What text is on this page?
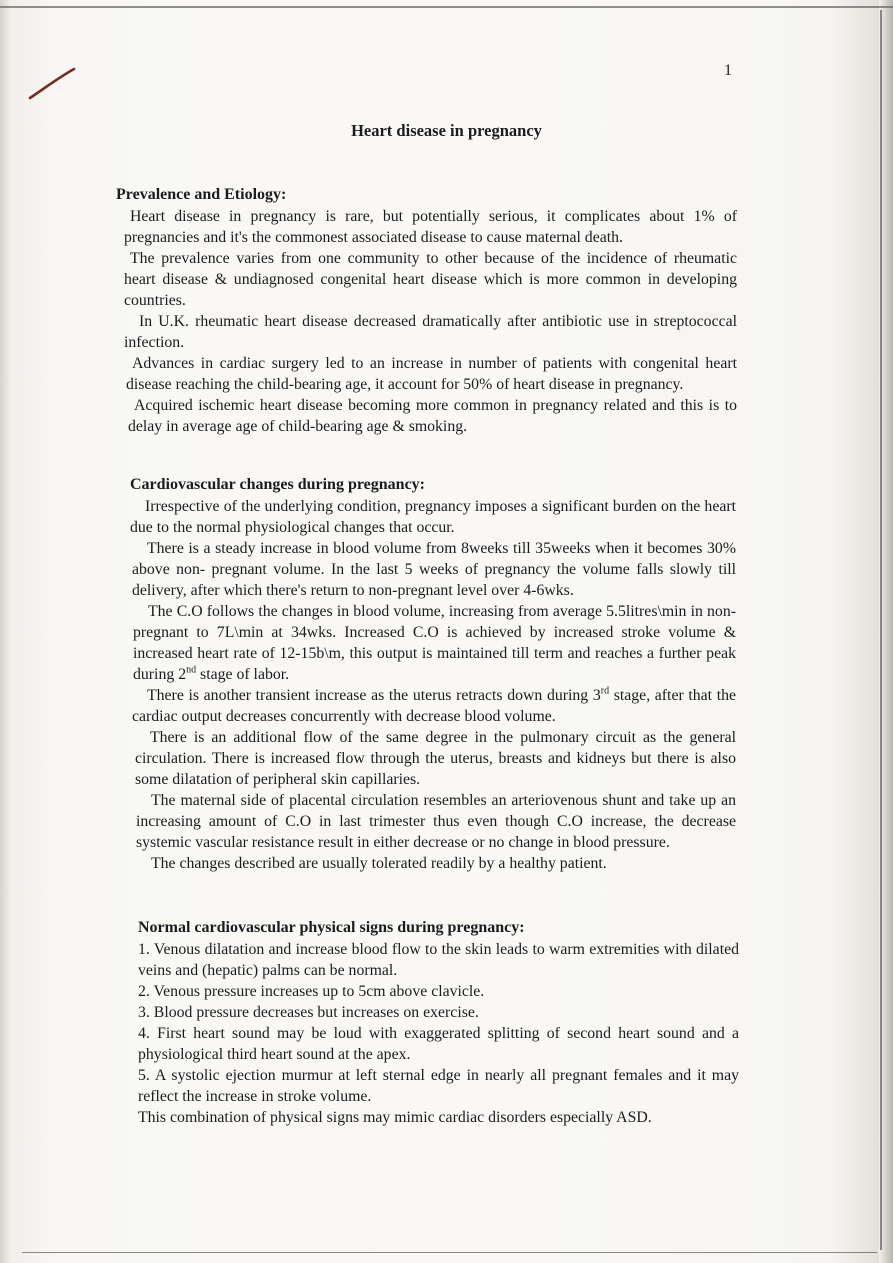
1
Heart disease in pregnancy
Prevalence and Etiology:

Heart disease in pregnancy is rare, but potentially serious, it complicates about 1% of pregnancies and it's the commonest associated disease to cause maternal death.

The prevalence varies from one community to other because of the incidence of rheumatic heart disease & undiagnosed congenital heart disease which is more common in developing countries.

In U.K. rheumatic heart disease decreased dramatically after antibiotic use in streptococcal infection.

Advances in cardiac surgery led to an increase in number of patients with congenital heart disease reaching the child-bearing age, it account for 50% of heart disease in pregnancy.

Acquired ischemic heart disease becoming more common in pregnancy related and this is to delay in average age of child-bearing age & smoking.

Cardiovascular changes during pregnancy:

Irrespective of the underlying condition, pregnancy imposes a significant burden on the heart due to the normal physiological changes that occur.

There is a steady increase in blood volume from 8weeks till 35weeks when it becomes 30% above non- pregnant volume. In the last 5 weeks of pregnancy the volume falls slowly till delivery, after which there's return to non-pregnant level over 4-6wks.

The C.O follows the changes in blood volume, increasing from average 5.5litres\min in non- pregnant to 7L\min at 34wks. Increased C.O is achieved by increased stroke volume & increased heart rate of 12-15b\m, this output is maintained till term and reaches a further peak during 2nd stage of labor.

There is another transient increase as the uterus retracts down during 3rd stage, after that the cardiac output decreases concurrently with decrease blood volume.

There is an additional flow of the same degree in the pulmonary circuit as the general circulation. There is increased flow through the uterus, breasts and kidneys but there is also some dilatation of peripheral skin capillaries.

The maternal side of placental circulation resembles an arteriovenous shunt and take up an increasing amount of C.O in last trimester thus even though C.O increase, the decrease systemic vascular resistance result in either decrease or no change in blood pressure.

The changes described are usually tolerated readily by a healthy patient.

Normal cardiovascular physical signs during pregnancy:

1. Venous dilatation and increase blood flow to the skin leads to warm extremities with dilated veins and (hepatic) palms can be normal.

2. Venous pressure increases up to 5cm above clavicle.

3. Blood pressure decreases but increases on exercise.

4. First heart sound may be loud with exaggerated splitting of second heart sound and a physiological third heart sound at the apex.

5. A systolic ejection murmur at left sternal edge in nearly all pregnant females and it may reflect the increase in stroke volume.

This combination of physical signs may mimic cardiac disorders especially ASD.
